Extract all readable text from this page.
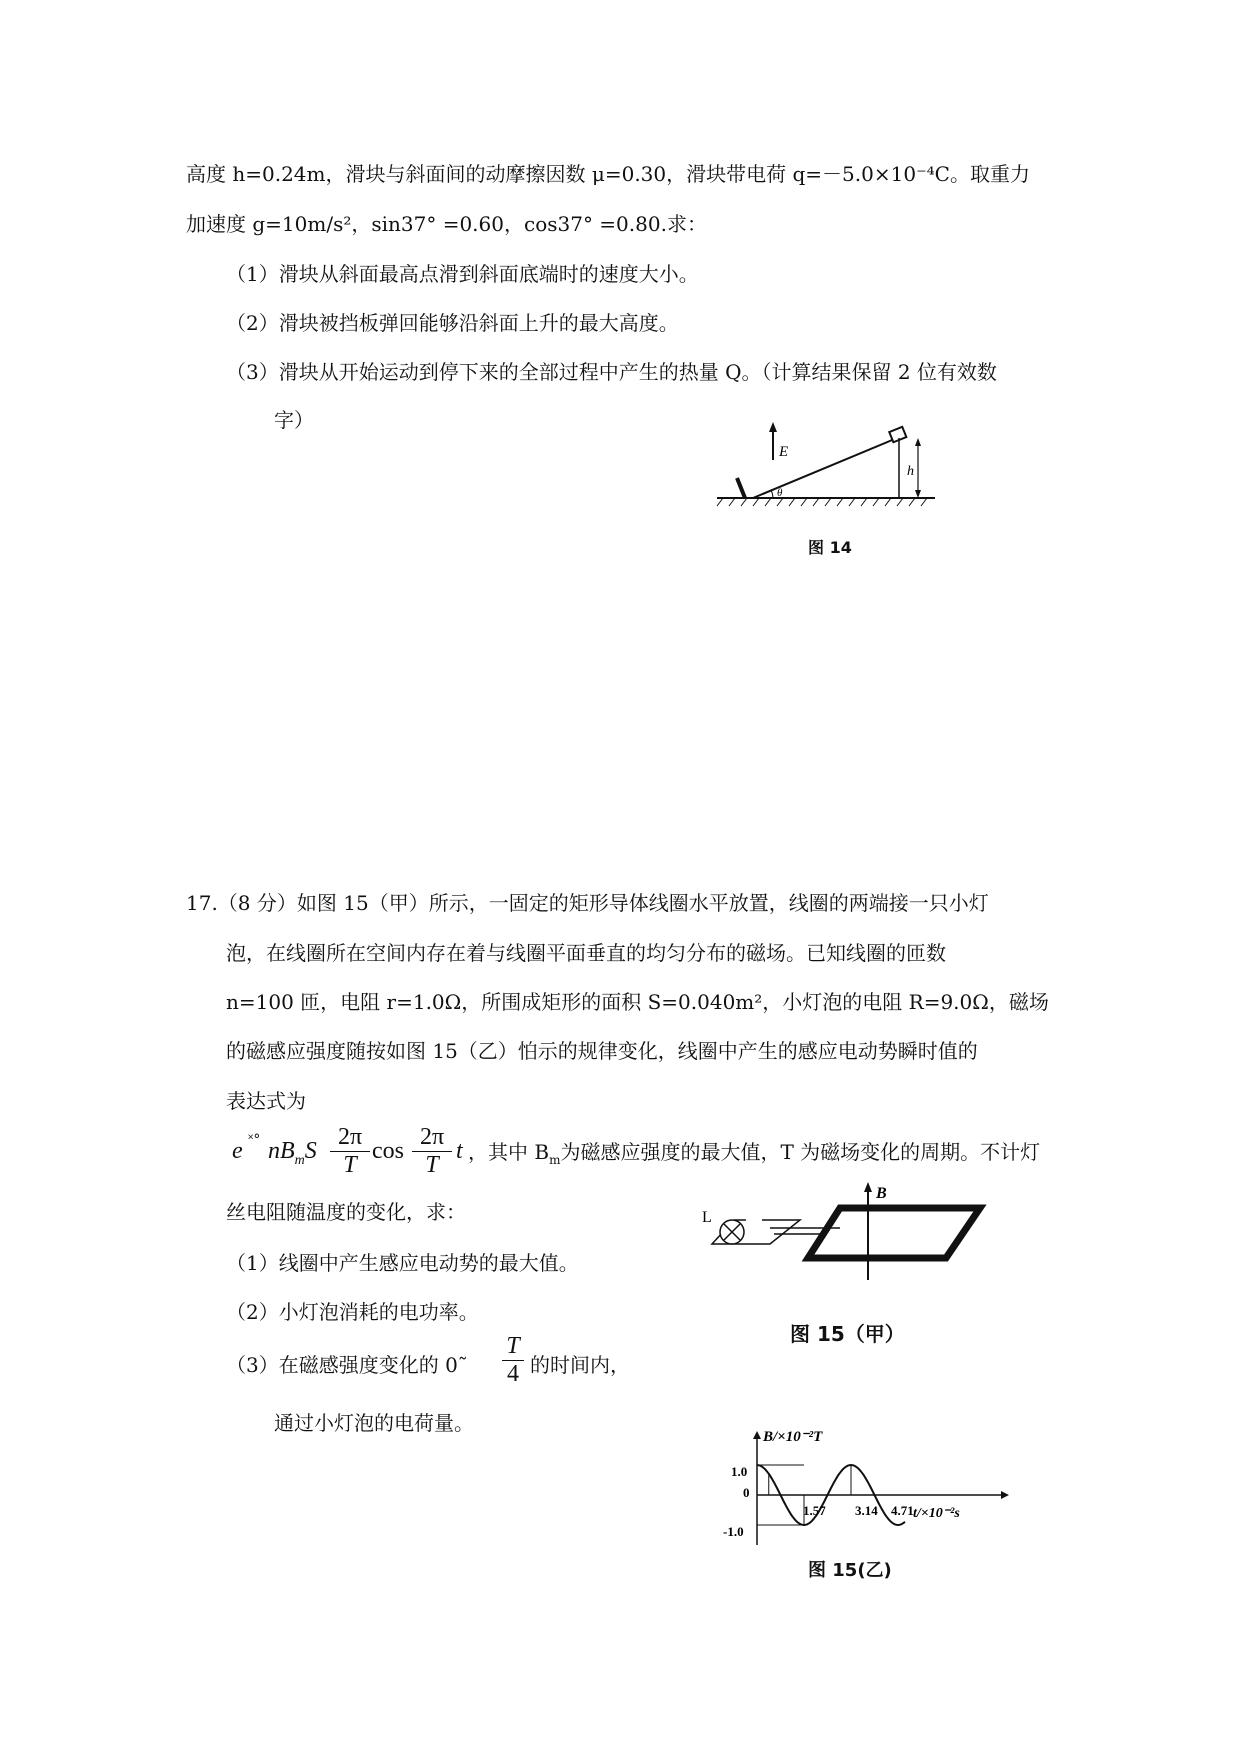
高度 h=0.24m，滑块与斜面间的动摩擦因数 μ=0.30，滑块带电荷 q=－5.0×10⁻⁴C。取重力
加速度 g=10m/s²，sin37° =0.60，cos37° =0.80.求：
（1）滑块从斜面最高点滑到斜面底端时的速度大小。
（2）滑块被挡板弹回能够沿斜面上升的最大高度。
（3）滑块从开始运动到停下来的全部过程中产生的热量 Q。（计算结果保留 2 位有效数
字）
E
h
θ
图 14
17.（8 分）如图 15（甲）所示，一固定的矩形导体线圈水平放置，线圈的两端接一只小灯
泡，在线圈所在空间内存在着与线圈平面垂直的均匀分布的磁场。已知线圈的匝数
n=100 匝，电阻 r=1.0Ω，所围成矩形的面积 S=0.040m²，小灯泡的电阻 R=9.0Ω，磁场
的磁感应强度随按如图 15（乙）怕示的规律变化，线圈中产生的感应电动势瞬时值的
表达式为
e ˟° $nB_mS \frac{2\pi}{T}$ $\cos \frac{2\pi}{T}$ t ，其中 $B_m$为磁感应强度的最大值，T 为磁场变化的周期。不计灯
丝电阻随温度的变化，求：
（1）线圈中产生感应电动势的最大值。
（2）小灯泡消耗的电功率。
（3）在磁感强度变化的 0˜ $\frac{T}{4}$ 的时间内，
通过小灯泡的电荷量。
B
L
图 15（甲）
B/×10⁻²T
t/×10⁻²s
1.0
0
-1.0
1.57 3.14 4.71
图 15(乙)
